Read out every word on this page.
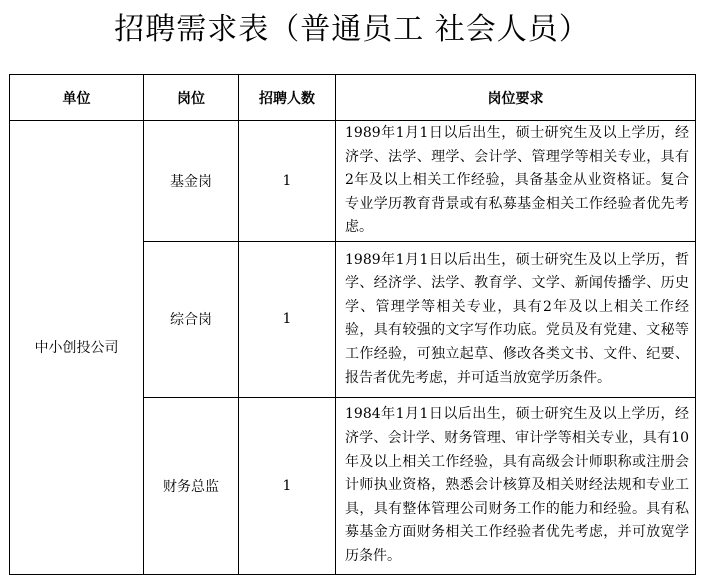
招聘需求表（普通员工 社会人员）
单位	岗位	招聘人数	岗位要求
中小创投公司	基金岗	1	1989年1月1日以后出生，硕士研究生及以上学历，经济学、法学、理学、会计学、管理学等相关专业，具有2年及以上相关工作经验，具备基金从业资格证。复合专业学历教育背景或有私募基金相关工作经验者优先考虑。
	综合岗	1	1989年1月1日以后出生，硕士研究生及以上学历，哲学、经济学、法学、教育学、文学、新闻传播学、历史学、管理学等相关专业，具有2年及以上相关工作经验，具有较强的文字写作功底。党员及有党建、文秘等工作经验，可独立起草、修改各类文书、文件、纪要、报告者优先考虑，并可适当放宽学历条件。
	财务总监	1	1984年1月1日以后出生，硕士研究生及以上学历，经济学、会计学、财务管理、审计学等相关专业，具有10年及以上相关工作经验，具有高级会计师职称或注册会计师执业资格，熟悉会计核算及相关财经法规和专业工具，具有整体管理公司财务工作的能力和经验。具有私募基金方面财务相关工作经验者优先考虑，并可放宽学历条件。
